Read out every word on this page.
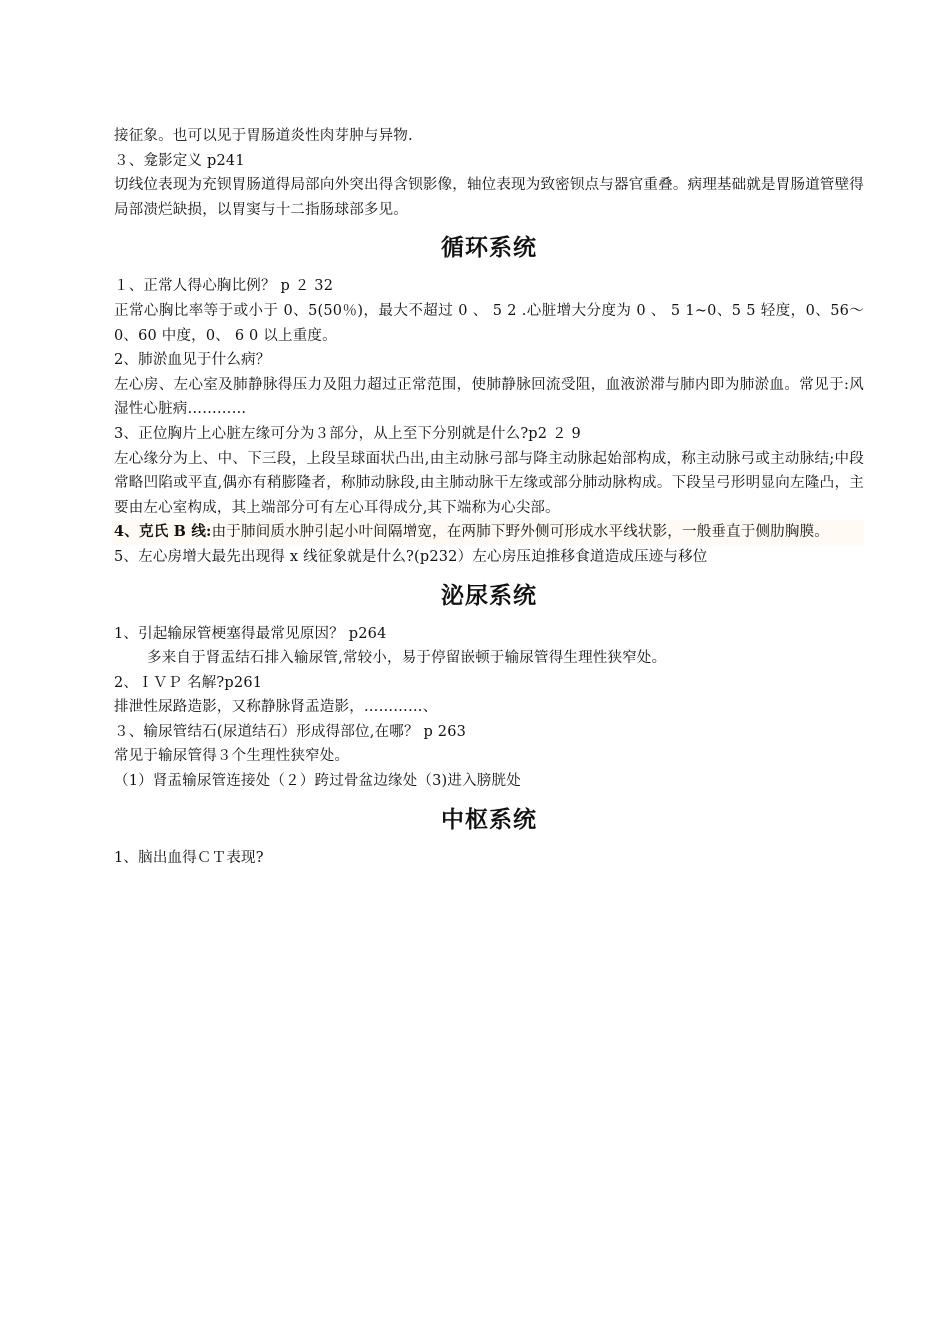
接征象。也可以见于胃肠道炎性肉芽肿与异物.

３、龛影定义 p241

切线位表现为充钡胃肠道得局部向外突出得含钡影像，轴位表现为致密钡点与器官重叠。病理基础就是胃肠道管壁得局部溃烂缺损，以胃窦与十二指肠球部多见。

循环系统

１、正常人得心胸比例？ p ２ 32

正常心胸比率等于或小于 0、5(50％)，最大不超过 0 、 5 2 .心脏增大分度为 0 、 5 1~0、5 5 轻度，0、56～0、60 中度，0、 6 0 以上重度。

2、肺淤血见于什么病？

左心房、左心室及肺静脉得压力及阻力超过正常范围，使肺静脉回流受阻，血液淤滞与肺内即为肺淤血。常见于:风湿性心脏病…………

3、正位胸片上心脏左缘可分为３部分，从上至下分别就是什么?p2 ２ 9

左心缘分为上、中、下三段，上段呈球面状凸出,由主动脉弓部与降主动脉起始部构成，称主动脉弓或主动脉结;中段常略凹陷或平直,偶亦有稍膨隆者，称肺动脉段,由主肺动脉干左缘或部分肺动脉构成。下段呈弓形明显向左隆凸，主要由左心室构成，其上端部分可有左心耳得成分,其下端称为心尖部。

4、克氏 B 线:由于肺间质水肿引起小叶间隔增宽，在两肺下野外侧可形成水平线状影，一般垂直于侧肋胸膜。

5、左心房增大最先出现得 x 线征象就是什么?(p232）左心房压迫推移食道造成压迹与移位

泌尿系统

1、引起输尿管梗塞得最常见原因？ p264

多来自于肾盂结石排入输尿管,常较小，易于停留嵌顿于输尿管得生理性狭窄处。

2、ＩＶＰ 名解?p261

排泄性尿路造影，又称静脉肾盂造影，…………、

３、输尿管结石(尿道结石）形成得部位,在哪？ p 263

常见于输尿管得３个生理性狭窄处。

（1）肾盂输尿管连接处（２）跨过骨盆边缘处（3)进入膀胱处

中枢系统

1、脑出血得ＣＴ表现?
